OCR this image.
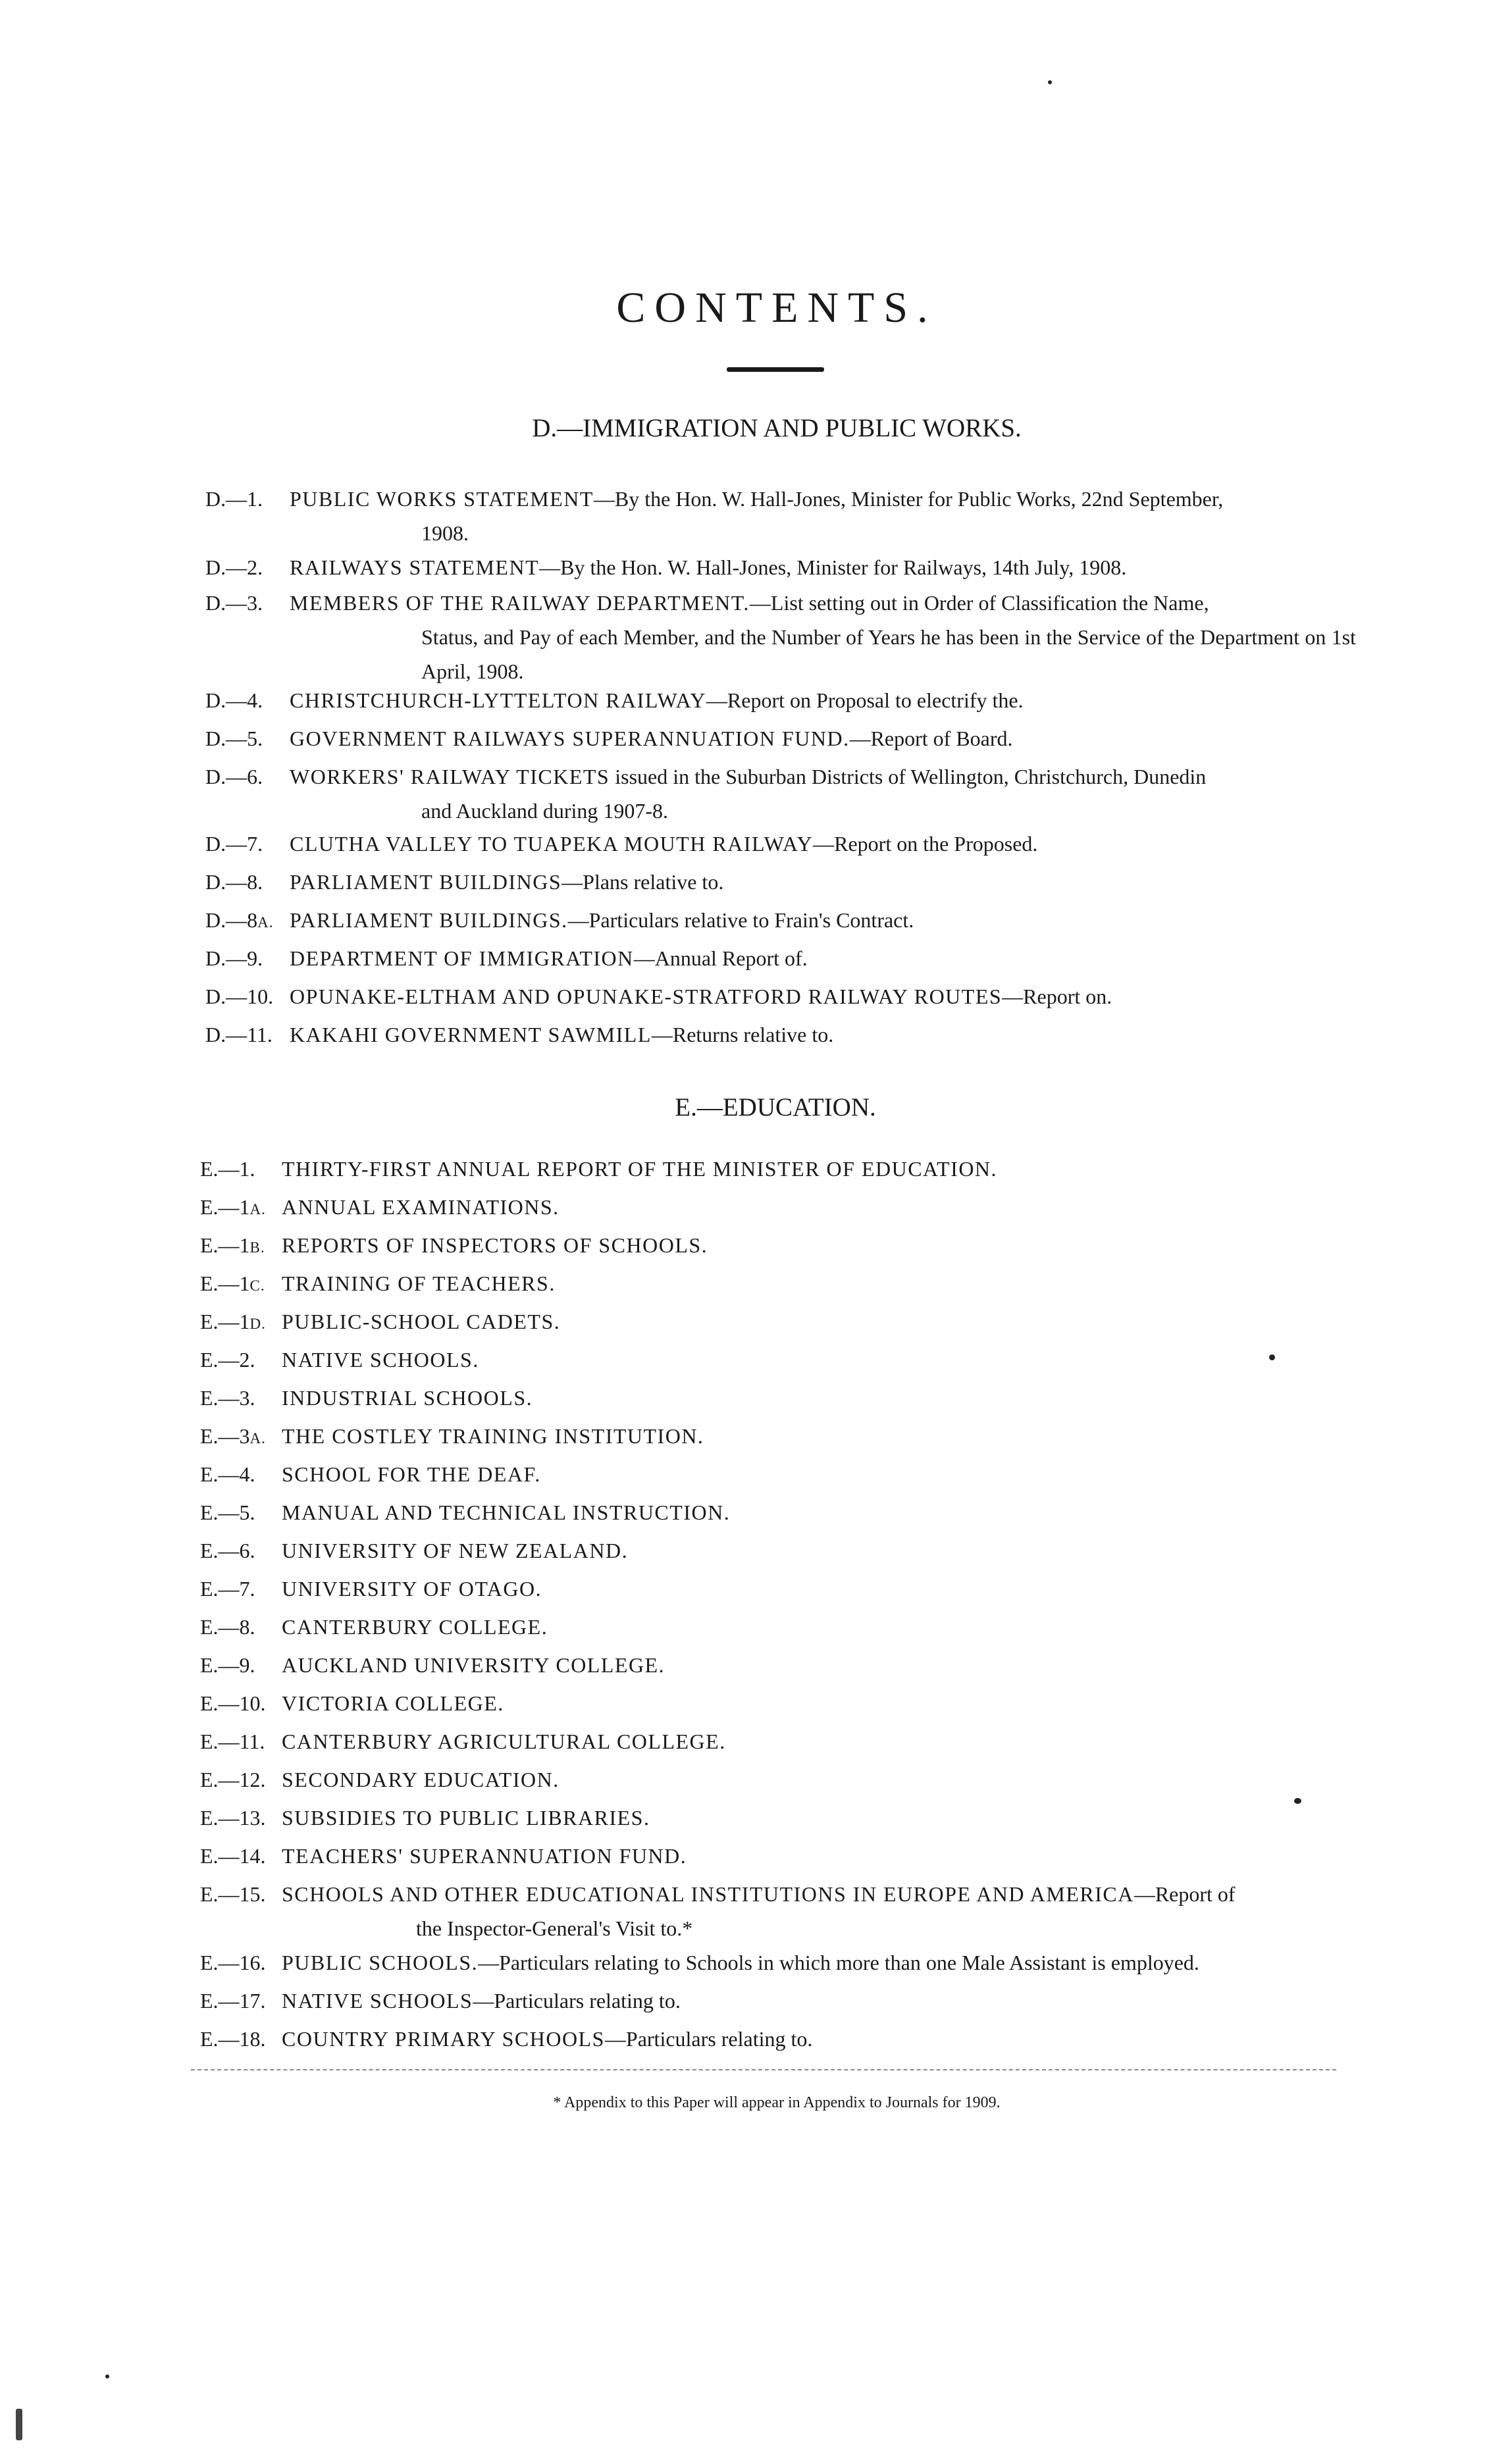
CONTENTS.
D.—IMMIGRATION AND PUBLIC WORKS.
D.—1. PUBLIC WORKS STATEMENT—By the Hon. W. Hall-Jones, Minister for Public Works, 22nd September,
1908.
D.—2. RAILWAYS STATEMENT—By the Hon. W. Hall-Jones, Minister for Railways, 14th July, 1908.
D.—3. MEMBERS OF THE RAILWAY DEPARTMENT.—List setting out in Order of Classification the Name,
Status, and Pay of each Member, and the Number of Years he has been in the Service of the Department on 1st April, 1908.
D.—4. CHRISTCHURCH-LYTTELTON RAILWAY—Report on Proposal to electrify the.
D.—5. GOVERNMENT RAILWAYS SUPERANNUATION FUND.—Report of Board.
D.—6. WORKERS' RAILWAY TICKETS issued in the Suburban Districts of Wellington, Christchurch, Dunedin
and Auckland during 1907-8.
D.—7. CLUTHA VALLEY TO TUAPEKA MOUTH RAILWAY—Report on the Proposed.
D.—8. PARLIAMENT BUILDINGS—Plans relative to.
D.—8A. PARLIAMENT BUILDINGS.—Particulars relative to Frain's Contract.
D.—9. DEPARTMENT OF IMMIGRATION—Annual Report of.
D.—10. OPUNAKE-ELTHAM AND OPUNAKE-STRATFORD RAILWAY ROUTES—Report on.
D.—11. KAKAHI GOVERNMENT SAWMILL—Returns relative to.
E.—EDUCATION.
E.—1. THIRTY-FIRST ANNUAL REPORT OF THE MINISTER OF EDUCATION.
E.—1A. ANNUAL EXAMINATIONS.
E.—1B. REPORTS OF INSPECTORS OF SCHOOLS.
E.—1C. TRAINING OF TEACHERS.
E.—1D. PUBLIC-SCHOOL CADETS.
E.—2. NATIVE SCHOOLS.
E.—3. INDUSTRIAL SCHOOLS.
E.—3A. THE COSTLEY TRAINING INSTITUTION.
E.—4. SCHOOL FOR THE DEAF.
E.—5. MANUAL AND TECHNICAL INSTRUCTION.
E.—6. UNIVERSITY OF NEW ZEALAND.
E.—7. UNIVERSITY OF OTAGO.
E.—8. CANTERBURY COLLEGE.
E.—9. AUCKLAND UNIVERSITY COLLEGE.
E.—10. VICTORIA COLLEGE.
E.—11. CANTERBURY AGRICULTURAL COLLEGE.
E.—12. SECONDARY EDUCATION.
E.—13. SUBSIDIES TO PUBLIC LIBRARIES.
E.—14. TEACHERS' SUPERANNUATION FUND.
E.—15. SCHOOLS AND OTHER EDUCATIONAL INSTITUTIONS IN EUROPE AND AMERICA—Report of
the Inspector-General's Visit to.*
E.—16. PUBLIC SCHOOLS.—Particulars relating to Schools in which more than one Male Assistant is employed.
E.—17. NATIVE SCHOOLS—Particulars relating to.
E.—18. COUNTRY PRIMARY SCHOOLS—Particulars relating to.
* Appendix to this Paper will appear in Appendix to Journals for 1909.
